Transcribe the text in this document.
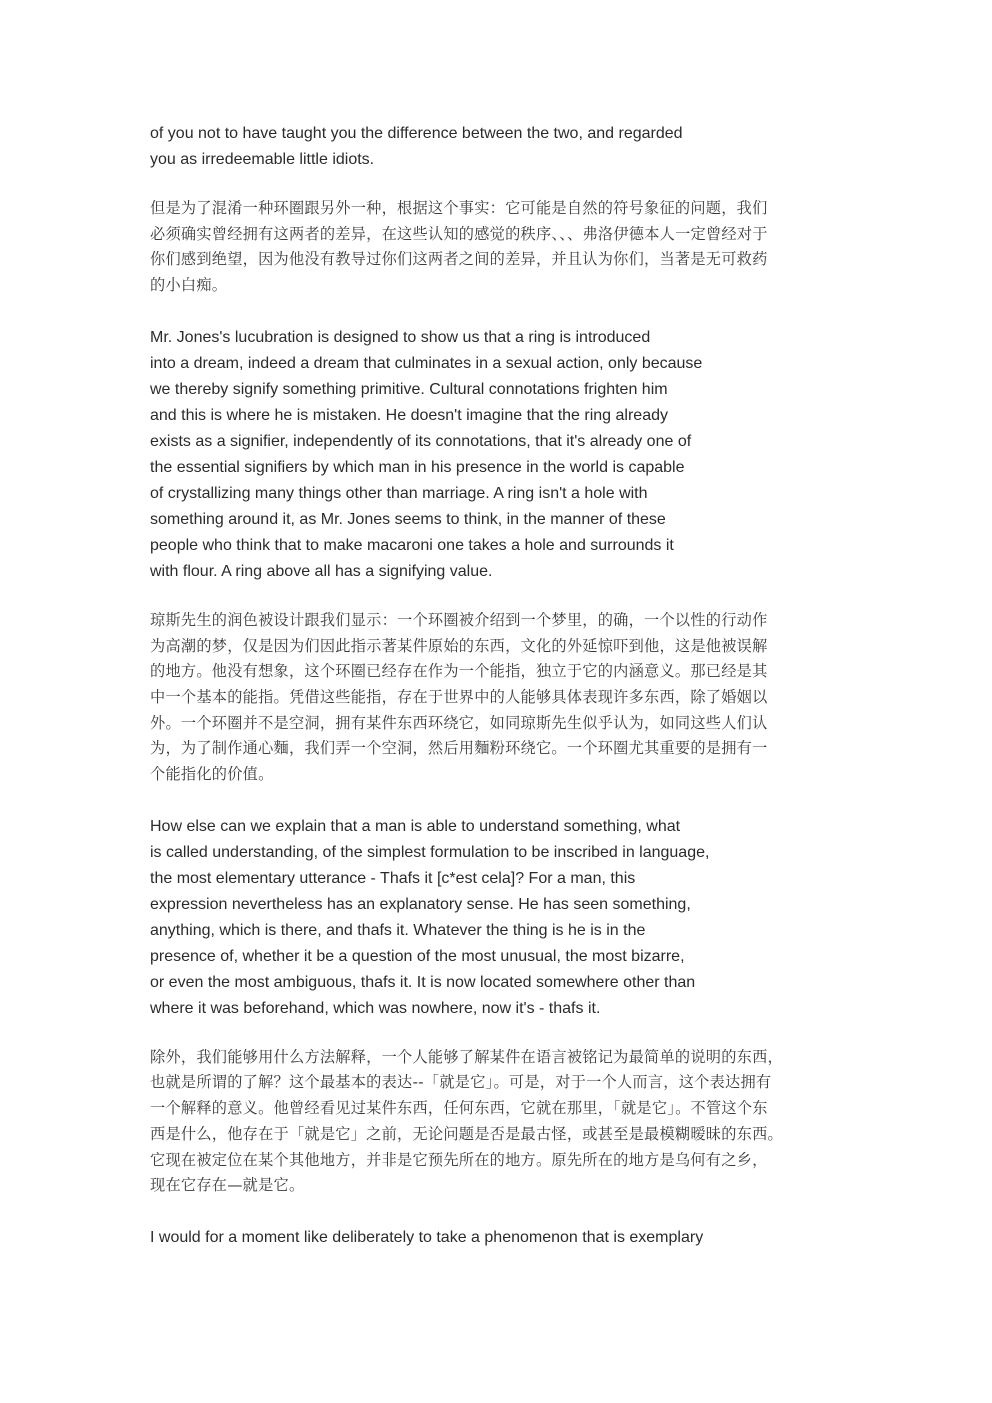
of you not to have taught you the difference between the two, and regarded
you as irredeemable little idiots.
但是为了混淆一种环圈跟另外一种，根据这个事实：它可能是自然的符号象征的问题，我们
必须确实曾经拥有这两者的差异，在这些认知的感觉的秩序、、、弗洛伊德本人一定曾经对于
你们感到绝望，因为他没有教导过你们这两者之间的差异，并且认为你们，当著是无可救药
的小白痴。
Mr. Jones's lucubration is designed to show us that a ring is introduced
into a dream, indeed a dream that culminates in a sexual action, only because
we thereby signify something primitive. Cultural connotations frighten him
and this is where he is mistaken. He doesn't imagine that the ring already
exists as a signifier, independently of its connotations, that it's already one of
the essential signifiers by which man in his presence in the world is capable
of crystallizing many things other than marriage. A ring isn't a hole with
something around it, as Mr. Jones seems to think, in the manner of these
people who think that to make macaroni one takes a hole and surrounds it
with flour. A ring above all has a signifying value.
琼斯先生的润色被设计跟我们显示：一个环圈被介绍到一个梦里，的确，一个以性的行动作
为高潮的梦，仅是因为们因此指示著某件原始的东西，文化的外延惊吓到他，这是他被误解
的地方。他没有想象，这个环圈已经存在作为一个能指，独立于它的内涵意义。那已经是其
中一个基本的能指。凭借这些能指，存在于世界中的人能够具体表现许多东西，除了婚姻以
外。一个环圈并不是空洞，拥有某件东西环绕它，如同琼斯先生似乎认为，如同这些人们认
为，为了制作通心麵，我们弄一个空洞，然后用麵粉环绕它。一个环圈尤其重要的是拥有一
个能指化的价值。
How else can we explain that a man is able to understand something, what
is called understanding, of the simplest formulation to be inscribed in language,
the most elementary utterance - Thafs it [c*est cela]? For a man, this
expression nevertheless has an explanatory sense. He has seen something,
anything, which is there, and thafs it. Whatever the thing is he is in the
presence of, whether it be a question of the most unusual, the most bizarre,
or even the most ambiguous, thafs it. It is now located somewhere other than
where it was beforehand, which was nowhere, now it's - thafs it.
除外，我们能够用什么方法解释，一个人能够了解某件在语言被铭记为最简单的说明的东西，
也就是所谓的了解？这个最基本的表达--「就是它」。可是，对于一个人而言，这个表达拥有
一个解释的意义。他曾经看见过某件东西，任何东西，它就在那里，「就是它」。不管这个东
西是什么，他存在于「就是它」之前，无论问题是否是最古怪，或甚至是最模糊暧昧的东西。
它现在被定位在某个其他地方，并非是它预先所在的地方。原先所在的地方是乌何有之乡，
现在它存在—就是它。
I would for a moment like deliberately to take a phenomenon that is exemplary
